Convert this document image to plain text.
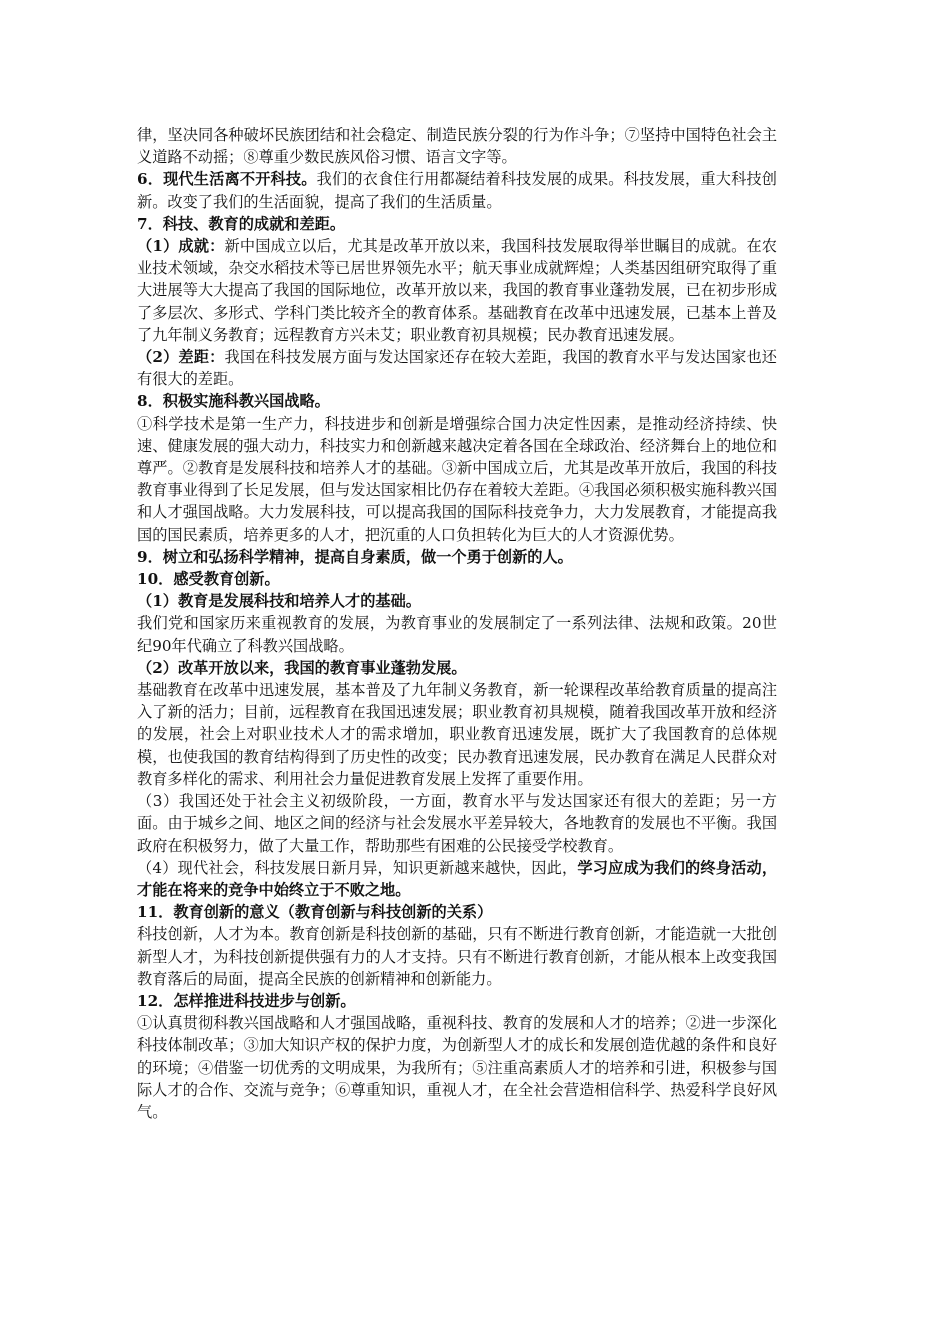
律，坚决同各种破坏民族团结和社会稳定、制造民族分裂的行为作斗争；⑦坚持中国特色社会主义道路不动摇；⑧尊重少数民族风俗习惯、语言文字等。

6．现代生活离不开科技。我们的衣食住行用都凝结着科技发展的成果。科技发展，重大科技创新。改变了我们的生活面貌，提高了我们的生活质量。

7．科技、教育的成就和差距。

（1）成就：新中国成立以后，尤其是改革开放以来，我国科技发展取得举世瞩目的成就。在农业技术领域，杂交水稻技术等已居世界领先水平；航天事业成就辉煌；人类基因组研究取得了重大进展等大大提高了我国的国际地位，改革开放以来，我国的教育事业蓬勃发展，已在初步形成了多层次、多形式、学科门类比较齐全的教育体系。基础教育在改革中迅速发展，已基本上普及了九年制义务教育；远程教育方兴未艾；职业教育初具规模；民办教育迅速发展。

（2）差距：我国在科技发展方面与发达国家还存在较大差距，我国的教育水平与发达国家也还有很大的差距。

8．积极实施科教兴国战略。

①科学技术是第一生产力，科技进步和创新是增强综合国力决定性因素，是推动经济持续、快速、健康发展的强大动力，科技实力和创新越来越决定着各国在全球政治、经济舞台上的地位和尊严。②教育是发展科技和培养人才的基础。③新中国成立后，尤其是改革开放后，我国的科技教育事业得到了长足发展，但与发达国家相比仍存在着较大差距。④我国必须积极实施科教兴国和人才强国战略。大力发展科技，可以提高我国的国际科技竞争力，大力发展教育，才能提高我国的国民素质，培养更多的人才，把沉重的人口负担转化为巨大的人才资源优势。

9．树立和弘扬科学精神，提高自身素质，做一个勇于创新的人。

10．感受教育创新。

（1）教育是发展科技和培养人才的基础。

我们党和国家历来重视教育的发展，为教育事业的发展制定了一系列法律、法规和政策。20世纪90年代确立了科教兴国战略。

（2）改革开放以来，我国的教育事业蓬勃发展。

基础教育在改革中迅速发展，基本普及了九年制义务教育，新一轮课程改革给教育质量的提高注入了新的活力；目前，远程教育在我国迅速发展；职业教育初具规模，随着我国改革开放和经济的发展，社会上对职业技术人才的需求增加，职业教育迅速发展，既扩大了我国教育的总体规模，也使我国的教育结构得到了历史性的改变；民办教育迅速发展，民办教育在满足人民群众对教育多样化的需求、利用社会力量促进教育发展上发挥了重要作用。

（3）我国还处于社会主义初级阶段，一方面，教育水平与发达国家还有很大的差距；另一方面。由于城乡之间、地区之间的经济与社会发展水平差异较大，各地教育的发展也不平衡。我国政府在积极努力，做了大量工作，帮助那些有困难的公民接受学校教育。

（4）现代社会，科技发展日新月异，知识更新越来越快，因此，学习应成为我们的终身活动，才能在将来的竞争中始终立于不败之地。

11．教育创新的意义（教育创新与科技创新的关系）

科技创新，人才为本。教育创新是科技创新的基础，只有不断进行教育创新，才能造就一大批创新型人才，为科技创新提供强有力的人才支持。只有不断进行教育创新，才能从根本上改变我国教育落后的局面，提高全民族的创新精神和创新能力。

12．怎样推进科技进步与创新。

①认真贯彻科教兴国战略和人才强国战略，重视科技、教育的发展和人才的培养；②进一步深化科技体制改革；③加大知识产权的保护力度，为创新型人才的成长和发展创造优越的条件和良好的环境；④借鉴一切优秀的文明成果，为我所有；⑤注重高素质人才的培养和引进，积极参与国际人才的合作、交流与竞争；⑥尊重知识，重视人才，在全社会营造相信科学、热爱科学良好风气。
